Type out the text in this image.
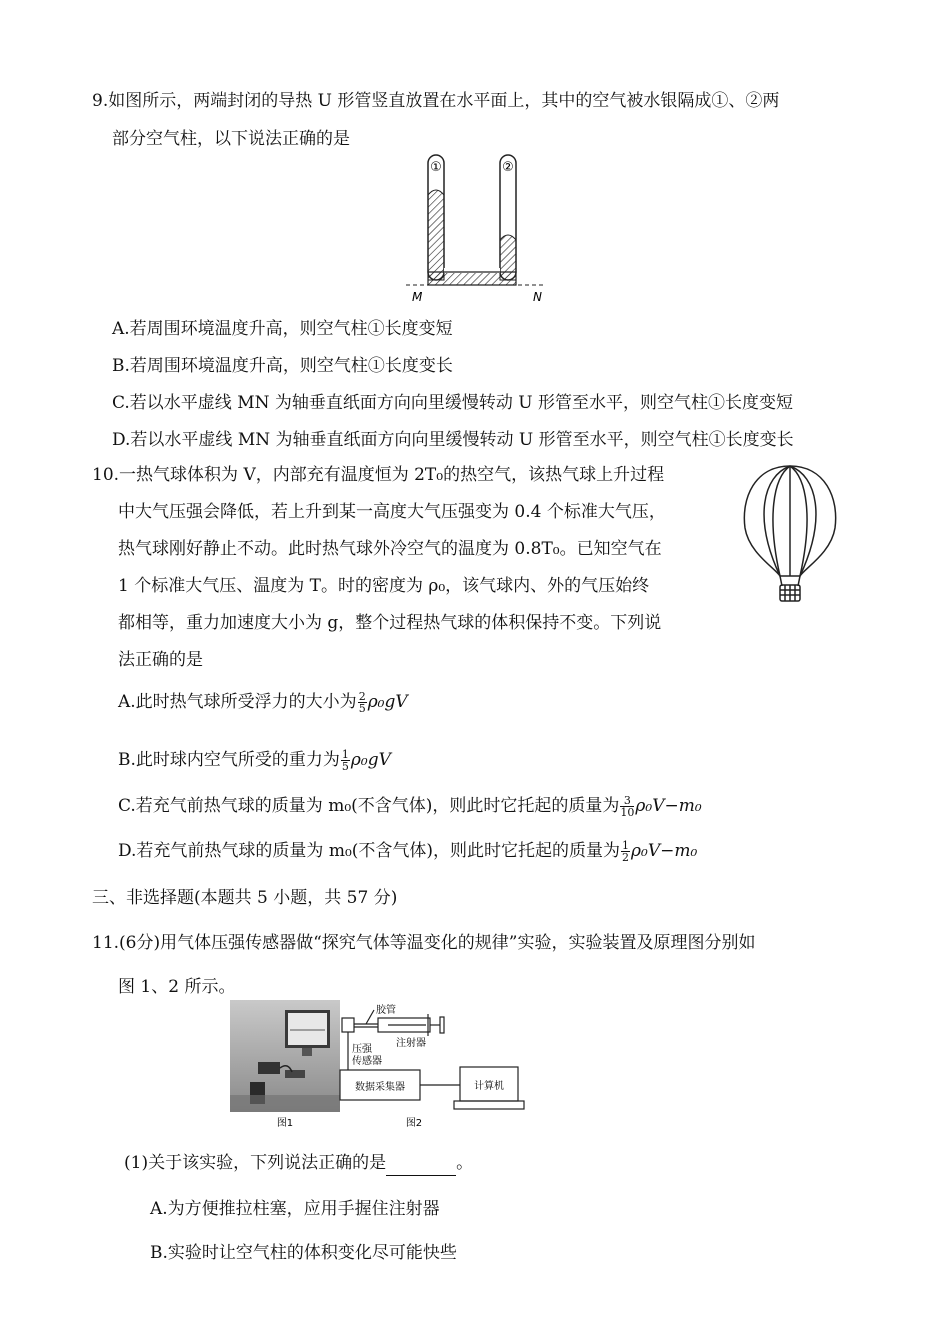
9.如图所示，两端封闭的导热 U 形管竖直放置在水平面上，其中的空气被水银隔成①、②两
部分空气柱，以下说法正确的是
①	②
M	N
A.若周围环境温度升高，则空气柱①长度变短
B.若周围环境温度升高，则空气柱①长度变长
C.若以水平虚线 MN 为轴垂直纸面方向向里缓慢转动 U 形管至水平，则空气柱①长度变短
D.若以水平虚线 MN 为轴垂直纸面方向向里缓慢转动 U 形管至水平，则空气柱①长度变长
10.一热气球体积为 V，内部充有温度恒为 2T₀的热空气，该热气球上升过程
中大气压强会降低，若上升到某一高度大气压强变为 0.4 个标准大气压，
热气球刚好静止不动。此时热气球外冷空气的温度为 0.8T₀。已知空气在
1 个标准大气压、温度为 T。时的密度为 ρ₀，该气球内、外的气压始终
都相等，重力加速度大小为 g，整个过程热气球的体积保持不变。下列说
法正确的是
A.此时热气球所受浮力的大小为 $\frac{2}{5} \rho_0gV$
B.此时球内空气所受的重力为 $\frac{1}{5} \rho_0gV$
C.若充气前热气球的质量为 m₀(不含气体)，则此时它托起的质量为 $\frac{3}{10} \rho_0V-m_0$
D.若充气前热气球的质量为 m₀(不含气体)，则此时它托起的质量为 $\frac{1}{2} \rho_0V-m_0$
三、非选择题(本题共 5 小题，共 57 分)
11.(6分)用气体压强传感器做“探究气体等温变化的规律”实验，实验装置及原理图分别如
图 1、2 所示。
图1
胶管
注射器
压强
传感器
数据采集器	计算机
图2
(1)关于该实验，下列说法正确的是	。
A.为方便推拉柱塞，应用手握住注射器
B.实验时让空气柱的体积变化尽可能快些
